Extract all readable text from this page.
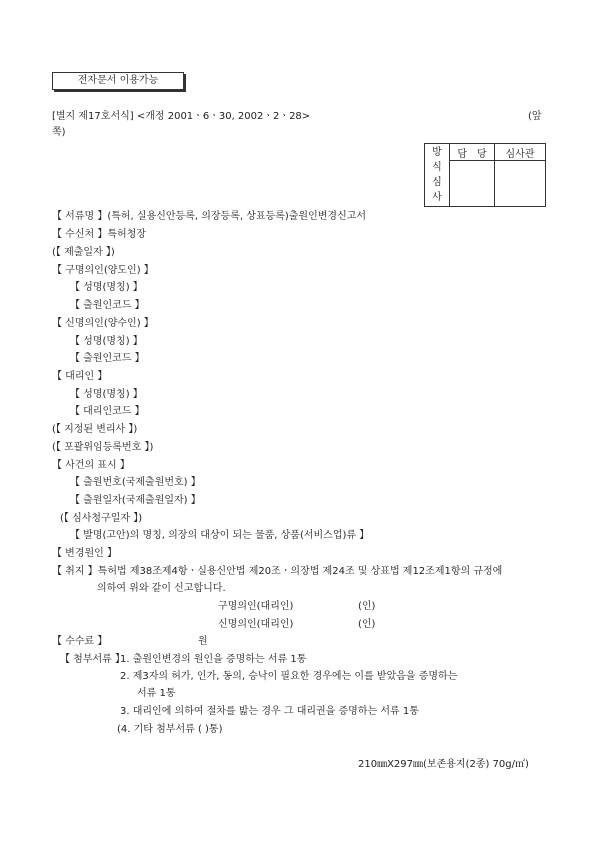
전자문서 이용가능
[별지 제17호서식] <개정 2001ㆍ6ㆍ30, 2002ㆍ2ㆍ28>	(앞
쪽)
방
식
심
사	담　당	심사관

【 서류명 】(특허, 실용신안등록, 의장등록, 상표등록)출원인변경신고서
【 수신처 】특허청장
(【 제출일자 】)
【 구명의인(양도인) 】
【 성명(명칭) 】
【 출원인코드 】
【 신명의인(양수인) 】
【 성명(명칭) 】
【 출원인코드 】
【 대리인 】
【 성명(명칭) 】
【 대리인코드 】
(【 지정된 변리사 】)
(【 포괄위임등록번호 】)
【 사건의 표시 】
【 출원번호(국제출원번호) 】
【 출원일자(국제출원일자) 】
(【 심사청구일자 】)
【 발명(고안)의 명칭, 의장의 대상이 되는 물품, 상품(서비스업)류 】
【 변경원인 】
【 취지 】특허법 제38조제4항ㆍ실용신안법 제20조ㆍ의장법 제24조 및 상표법 제12조제1항의 규정에
의하여 위와 같이 신고합니다.
구명의인(대리인)	(인)
신명의인(대리인)	(인)
【 수수료 】	원
【 첨부서류 】
1. 출원인변경의 원인을 증명하는 서류 1통
2. 제3자의 허가, 인가, 동의, 승낙이 필요한 경우에는 이를 받았음을 증명하는
서류 1통
3. 대리인에 의하여 절차를 밟는 경우 그 대리권을 증명하는 서류 1통
(4. 기타 첨부서류 ( )통)
210㎜X297㎜(보존용지(2종) 70g/㎡)
